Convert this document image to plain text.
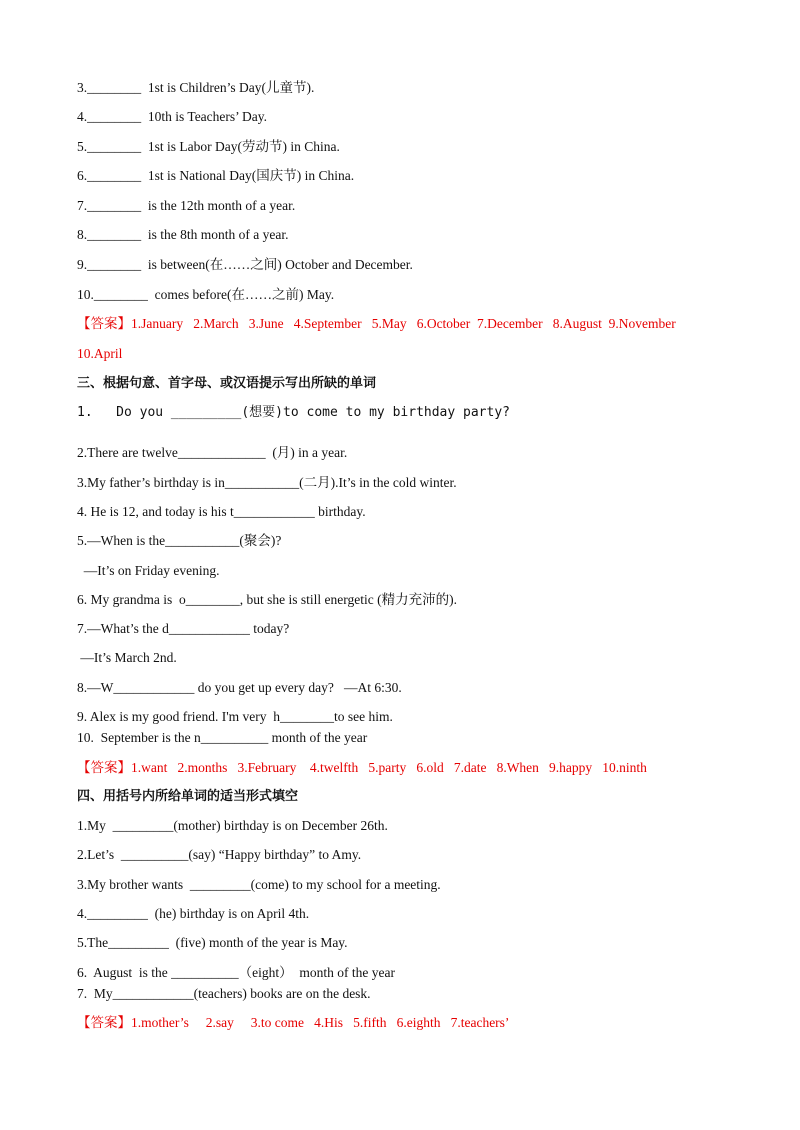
3.________  1st is Children’s Day(儿童节).
4.________  10th is Teachers’ Day.
5.________  1st is Labor Day(劳动节) in China.
6.________  1st is National Day(国庆节) in China.
7.________  is the 12th month of a year.
8.________  is the 8th month of a year.
9.________  is between(在……之间) October and December.
10.________  comes before(在……之前) May.
【答案】1.January   2.March   3.June   4.September   5.May   6.October  7.December   8.August  9.November
10.April
三、根据句意、首字母、或汉语提示写出所缺的单词
1.   Do you _________(想要)to come to my birthday party?
2.There are twelve_____________  (月) in a year.
3.My father’s birthday is in___________(二月).It’s in the cold winter.
4. He is 12, and today is his t____________ birthday.
5.—When is the___________(聚会)?
—It’s on Friday evening.
6. My grandma is  o________, but she is still energetic (精力充沛的).
7.—What’s the d____________ today?
—It’s March 2nd.
8.—W____________ do you get up every day?   —At 6:30.
9. Alex is my good friend. I'm very  h________to see him.
10.  September is the n__________ month of the year
【答案】1.want   2.months   3.February    4.twelfth   5.party   6.old   7.date   8.When   9.happy   10.ninth
四、用括号内所给单词的适当形式填空
1.My  _________(mother) birthday is on December 26th.
2.Let’s  __________(say) “Happy birthday” to Amy.
3.My brother wants  _________(come) to my school for a meeting.
4._________  (he) birthday is on April 4th.
5.The_________  (five) month of the year is May.
6.  August  is the __________（eight）  month of the year
7.  My____________(teachers) books are on the desk.
【答案】1.mother’s     2.say     3.to come   4.His   5.fifth   6.eighth   7.teachers’
